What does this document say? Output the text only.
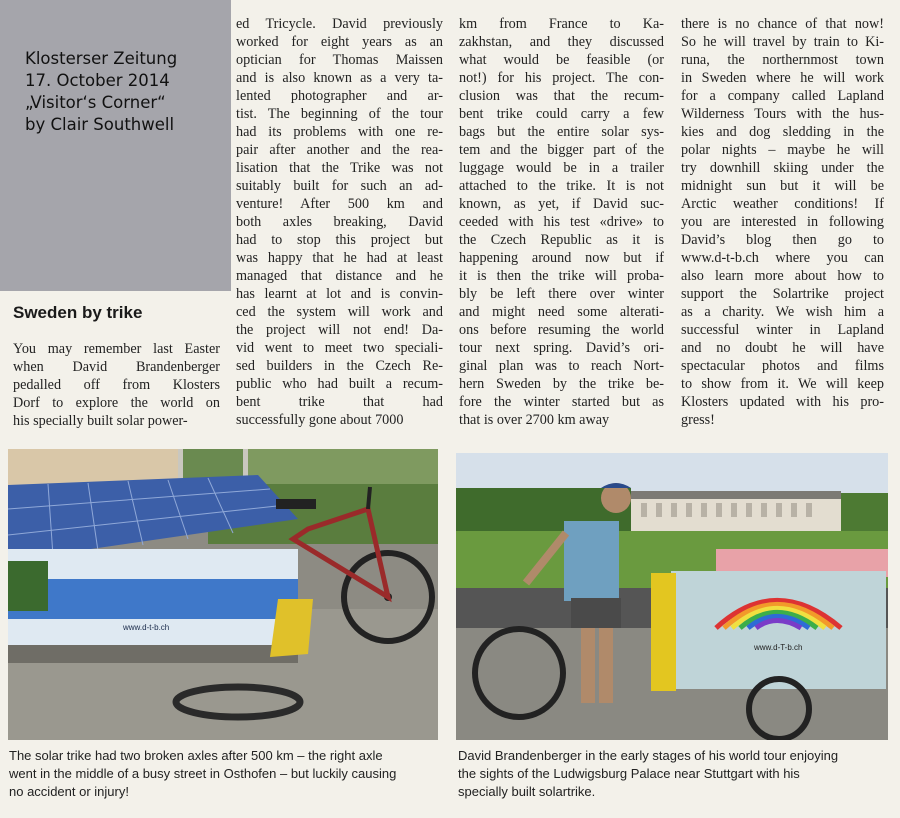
Klosterser Zeitung
17. October 2014
„Visitor‘s Corner“
by Clair Southwell
Sweden by trike
You may remember last Easter
when David Brandenberger
pedalled off from Klosters
Dorf to explore the world on
his specially built solar power-
ed Tricycle. David previously
worked for eight years as an
optician for Thomas Maissen
and is also known as a very ta-
lented photographer and ar-
tist. The beginning of the tour
had its problems with one re-
pair after another and the rea-
lisation that the Trike was not
suitably built for such an ad-
venture! After 500 km and
both axles breaking, David
had to stop this project but
was happy that he had at least
managed that distance and he
has learnt at lot and is convin-
ced the system will work and
the project will not end! Da-
vid went to meet two speciali-
sed builders in the Czech Re-
public who had built a recum-
bent trike that had
successfully gone about 7000
km from France to Ka-
zakhstan, and they discussed
what would be feasible (or
not!) for his project. The con-
clusion was that the recum-
bent trike could carry a few
bags but the entire solar sys-
tem and the bigger part of the
luggage would be in a trailer
attached to the trike. It is not
known, as yet, if David suc-
ceeded with his test «drive» to
the Czech Republic as it is
happening around now but if
it is then the trike will proba-
bly be left there over winter
and might need some alterati-
ons before resuming the world
tour next spring. David’s ori-
ginal plan was to reach Nort-
hern Sweden by the trike be-
fore the winter started but as
that is over 2700 km away
there is no chance of that now!
So he will travel by train to Ki-
runa, the northernmost town
in Sweden where he will work
for a company called Lapland
Wilderness Tours with the hus-
kies and dog sledding in the
polar nights – maybe he will
try downhill skiing under the
midnight sun but it will be
Arctic weather conditions! If
you are interested in following
David’s blog then go to
www.d-t-b.ch where you can
also learn more about how to
support the Solartrike project
as a charity. We wish him a
successful winter in Lapland
and no doubt he will have
spectacular photos and films
to show from it. We will keep
Klosters updated with his pro-
gress!
www.d-t-b.ch
The solar trike had two broken axles after 500 km – the right axle
went in the middle of a busy street in Osthofen – but luckily causing
no accident or injury!
www.d-T-b.ch
David Brandenberger in the early stages of his world tour enjoying
the sights of the Ludwigsburg Palace near Stuttgart with his
specially built solartrike.
